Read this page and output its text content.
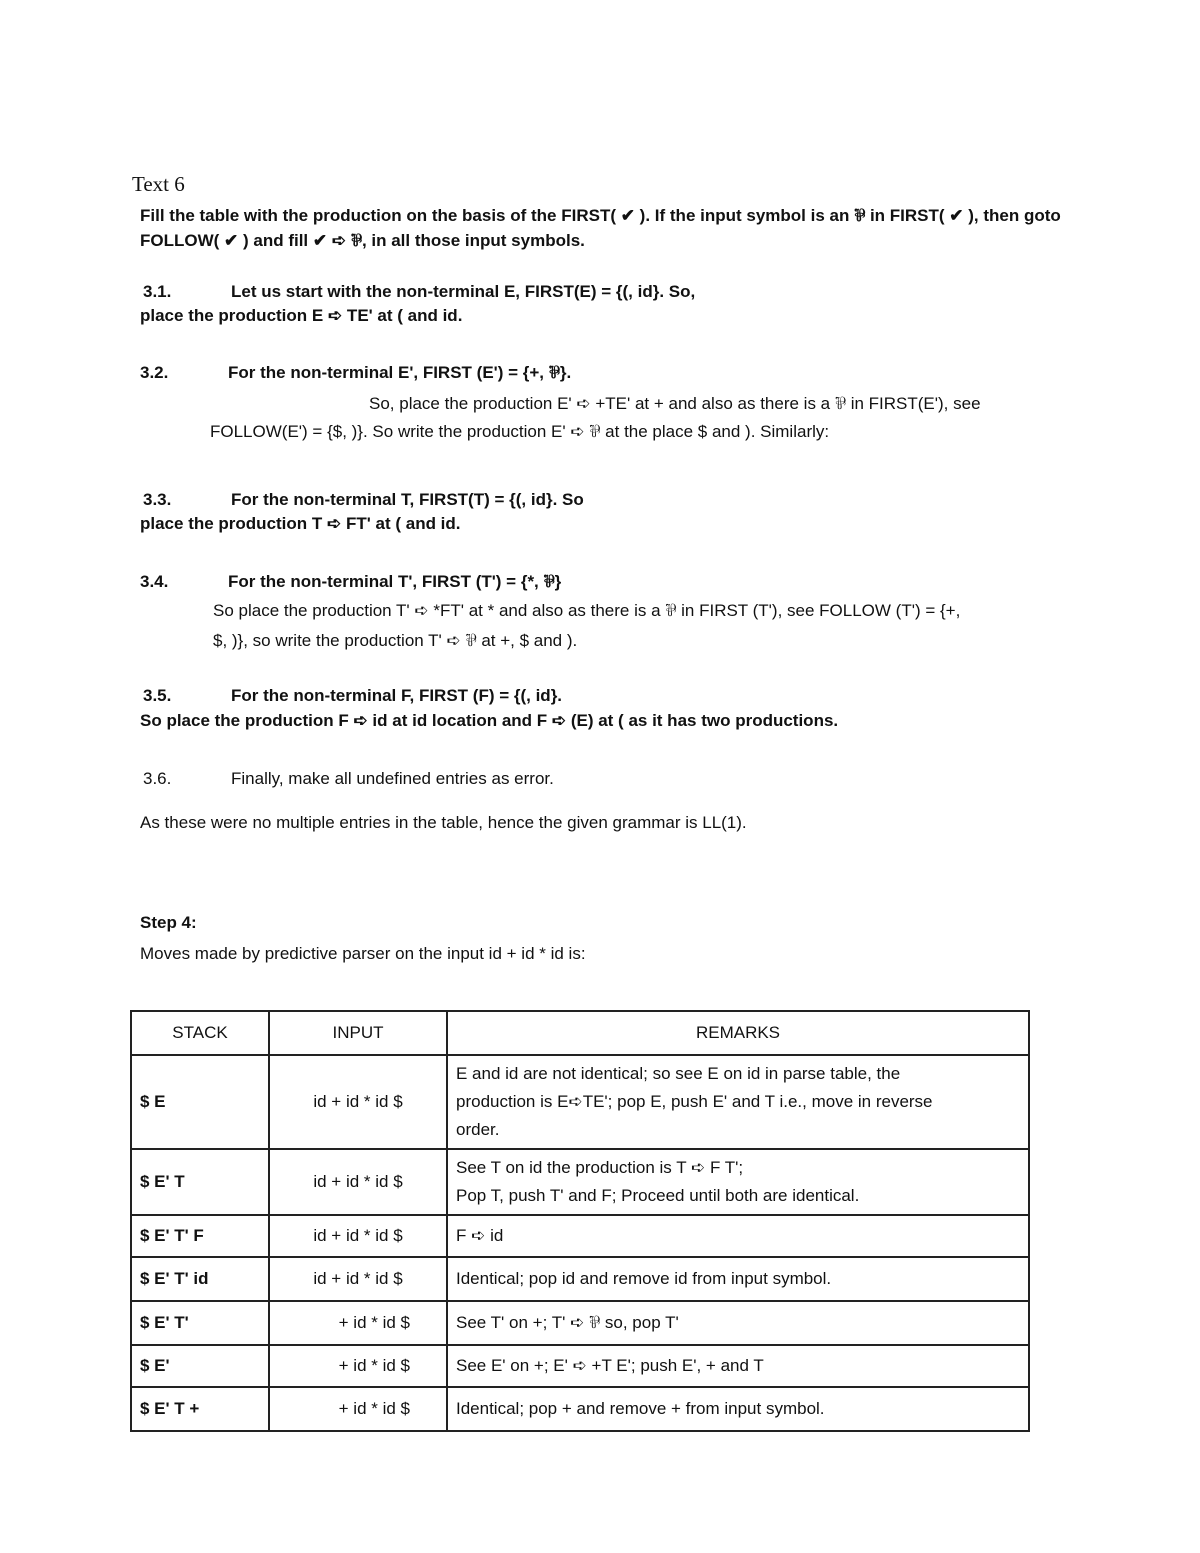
Text 6
Fill the table with the production on the basis of the FIRST( ✔ ). If the input symbol is an ⅌ in FIRST( ✔ ), then goto
FOLLOW( ✔ ) and fill ✔ ➪ ⅌, in all those input symbols.
3.1.	Let us start with the non-terminal E, FIRST(E) = {(, id}. So,
place the production E ➪ TE' at ( and id.
3.2.	For the non-terminal E', FIRST (E') = {+, ⅌}.
So, place the production E' ➪ +TE' at + and also as there is a ⅌ in FIRST(E'), see
FOLLOW(E') = {$, )}. So write the production E' ➪ ⅌ at the place $ and ). Similarly:
3.3.	For the non-terminal T, FIRST(T) = {(, id}. So
place the production T ➪ FT' at ( and id.
3.4.	For the non-terminal T', FIRST (T') = {*, ⅌}
So place the production T' ➪ *FT' at * and also as there is a ⅌ in FIRST (T'), see FOLLOW (T') = {+,
$, )}, so write the production T' ➪ ⅌ at +, $ and ).
3.5.	For the non-terminal F, FIRST (F) = {(, id}.
So place the production F ➪ id at id location and F ➪ (E) at ( as it has two productions.
3.6.	Finally, make all undefined entries as error.
As these were no multiple entries in the table, hence the given grammar is LL(1).
Step 4:
Moves made by predictive parser on the input id + id * id is:
STACK	INPUT	REMARKS
$ E	id + id * id $	E and id are not identical; so see E on id in parse table, the
production is E➪TE'; pop E, push E' and T i.e., move in reverse
order.

$ E' T	id + id * id $	See T on id the production is T ➪ F T';
Pop T, push T' and F; Proceed until both are identical.

$ E' T' F	id + id * id $	F ➪ id

$ E' T' id	id + id * id $	Identical; pop id and remove id from input symbol.

$ E' T'	+ id * id $	See T' on +; T' ➪ ⅌ so, pop T'

$ E'	+ id * id $	See E' on +; E' ➪ +T E'; push E', + and T

$ E' T +	+ id * id $	Identical; pop + and remove + from input symbol.
